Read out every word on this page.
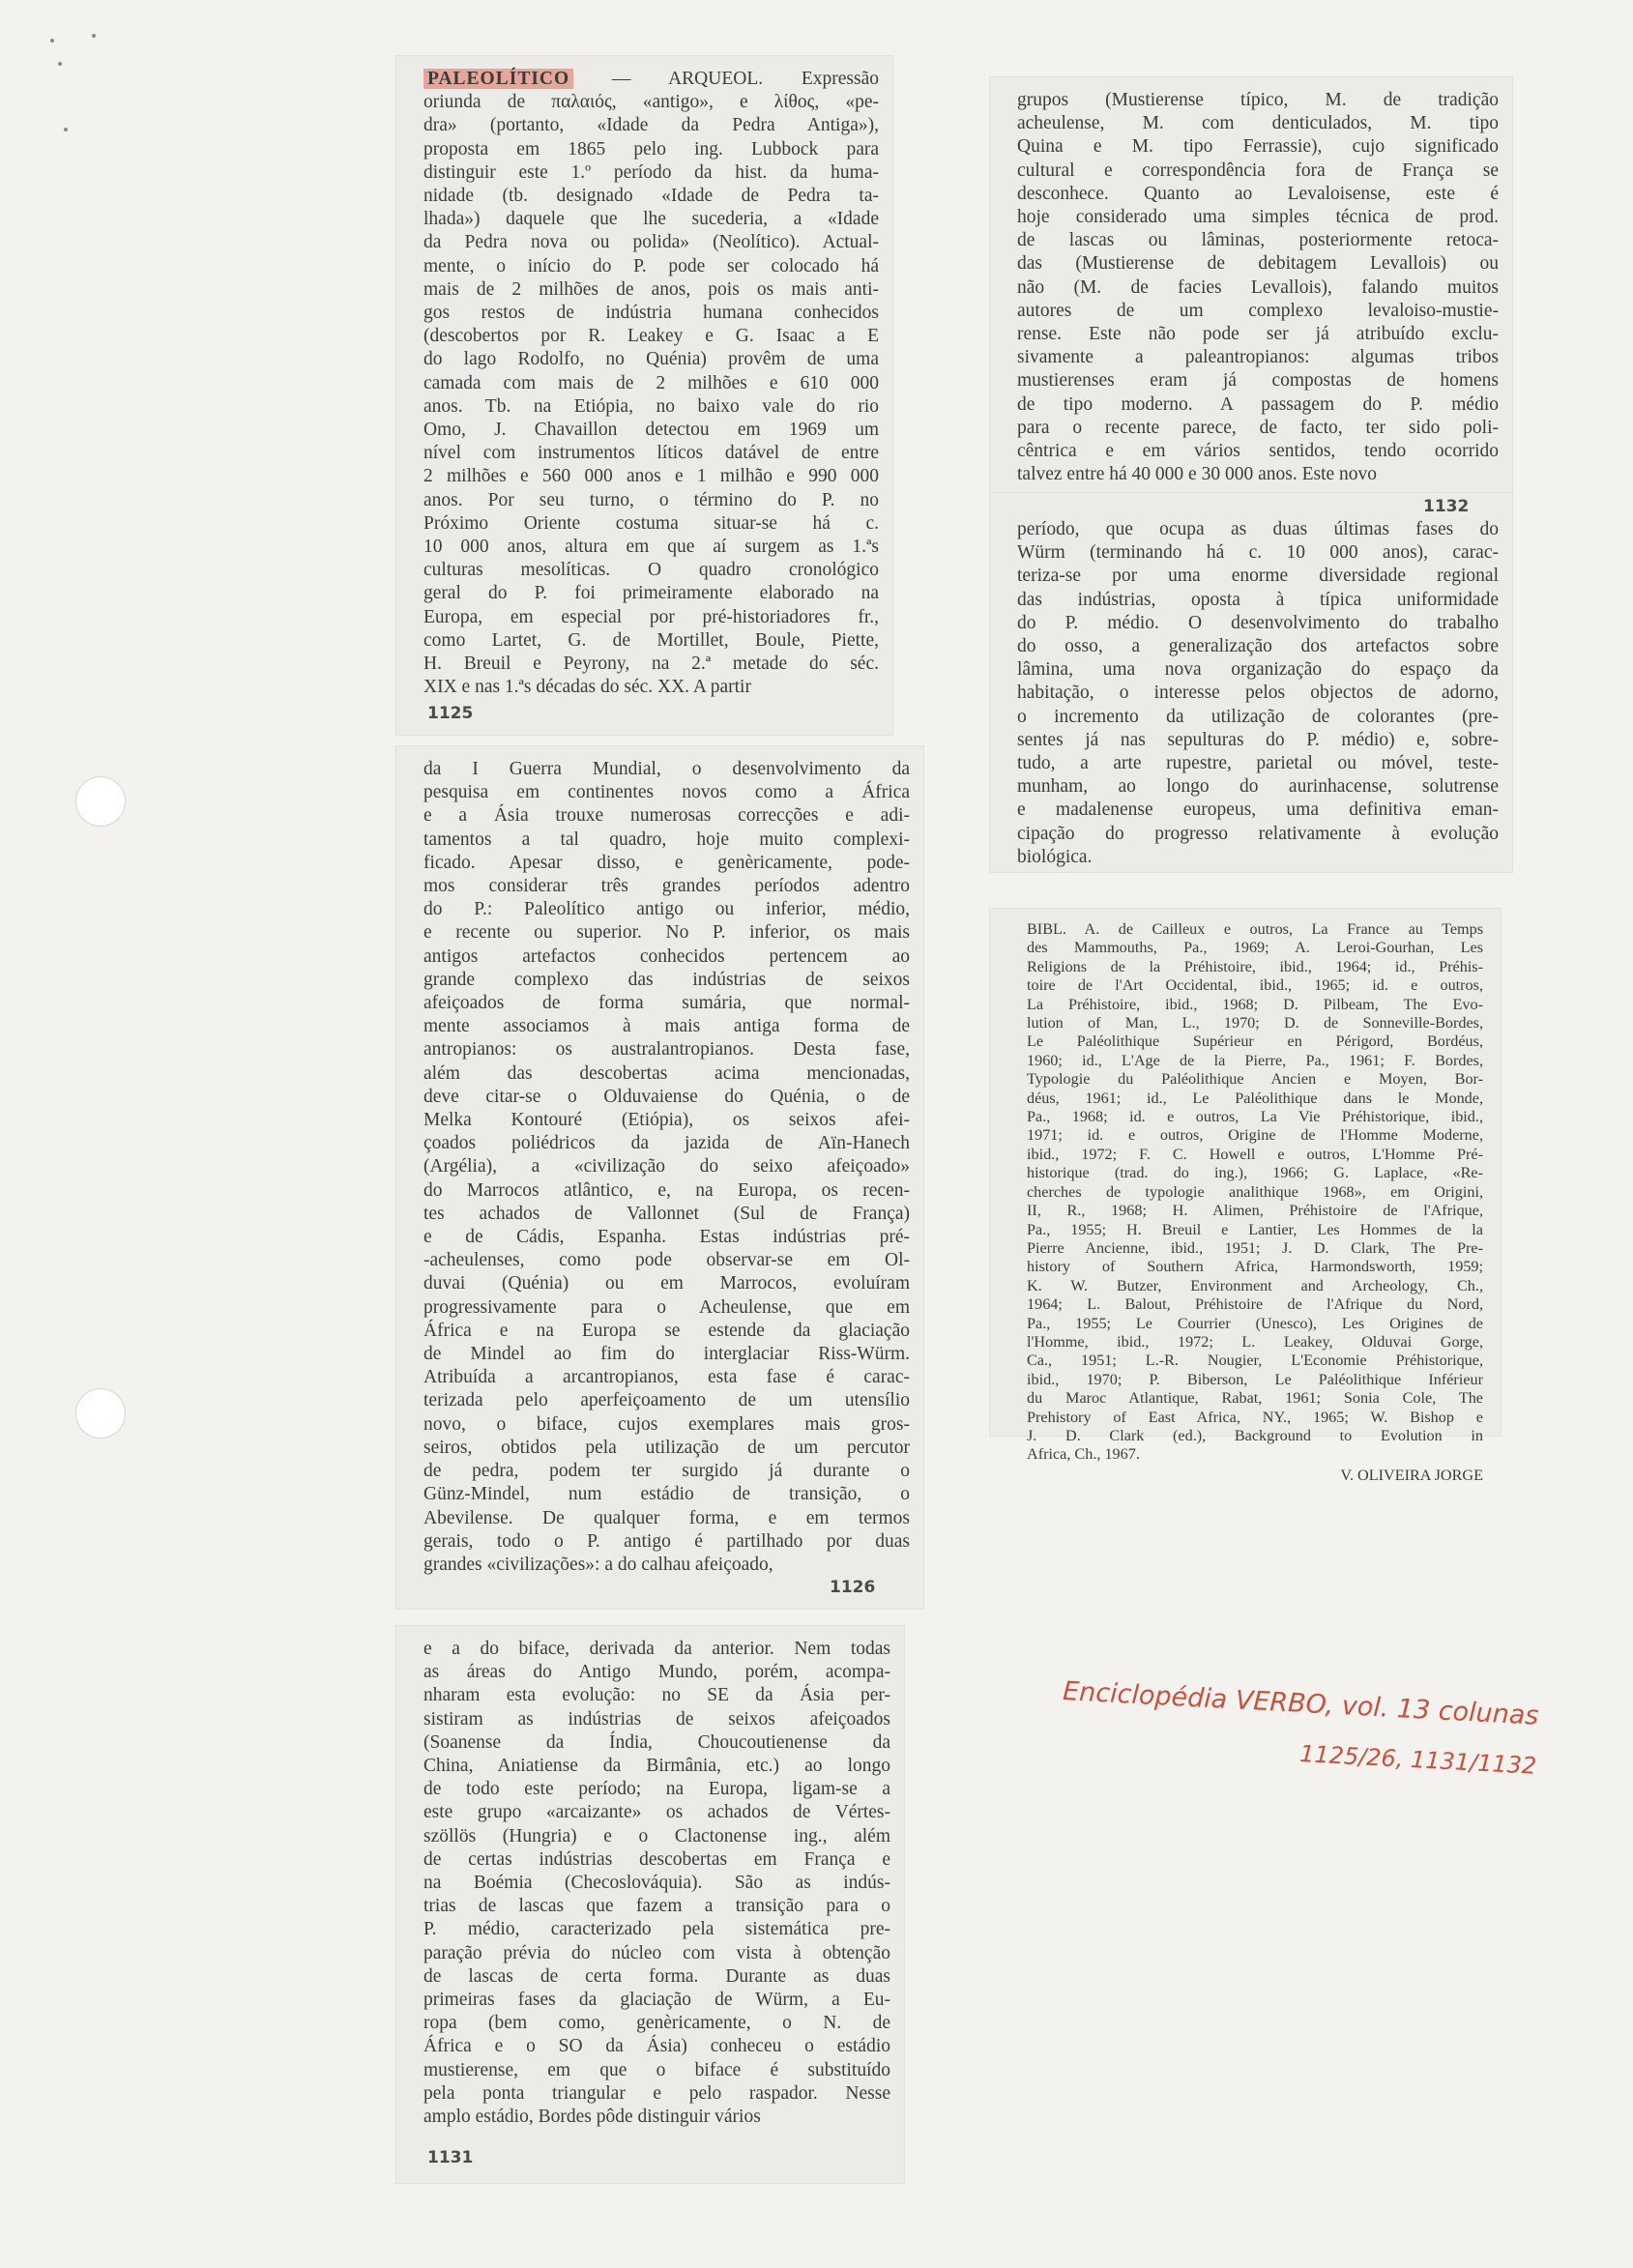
PALEOLÍTICO — ARQUEOL. Expressão

oriunda de παλαιός, «antigo», e λίθος, «pe-

dra» (portanto, «Idade da Pedra Antiga»),

proposta em 1865 pelo ing. Lubbock para

distinguir este 1.º período da hist. da huma-

nidade (tb. designado «Idade de Pedra ta-

lhada») daquele que lhe sucederia, a «Idade

da Pedra nova ou polida» (Neolítico). Actual-

mente, o início do P. pode ser colocado há

mais de 2 milhões de anos, pois os mais anti-

gos restos de indústria humana conhecidos

(descobertos por R. Leakey e G. Isaac a E

do lago Rodolfo, no Quénia) provêm de uma

camada com mais de 2 milhões e 610 000

anos. Tb. na Etiópia, no baixo vale do rio

Omo, J. Chavaillon detectou em 1969 um

nível com instrumentos líticos datável de entre

2 milhões e 560 000 anos e 1 milhão e 990 000

anos. Por seu turno, o término do P. no

Próximo Oriente costuma situar-se há c.

10 000 anos, altura em que aí surgem as 1.ªs

culturas mesolíticas. O quadro cronológico

geral do P. foi primeiramente elaborado na

Europa, em especial por pré-historiadores fr.,

como Lartet, G. de Mortillet, Boule, Piette,

H. Breuil e Peyrony, na 2.ª metade do séc.

XIX e nas 1.ªs décadas do séc. XX. A partir

1125

da I Guerra Mundial, o desenvolvimento da

pesquisa em continentes novos como a África

e a Ásia trouxe numerosas correcções e adi-

tamentos a tal quadro, hoje muito complexi-

ficado. Apesar disso, e genèricamente, pode-

mos considerar três grandes períodos adentro

do P.: Paleolítico antigo ou inferior, médio,

e recente ou superior. No P. inferior, os mais

antigos artefactos conhecidos pertencem ao

grande complexo das indústrias de seixos

afeiçoados de forma sumária, que normal-

mente associamos à mais antiga forma de

antropianos: os australantropianos. Desta fase,

além das descobertas acima mencionadas,

deve citar-se o Olduvaiense do Quénia, o de

Melka Kontouré (Etiópia), os seixos afei-

çoados poliédricos da jazida de Aïn-Hanech

(Argélia), a «civilização do seixo afeiçoado»

do Marrocos atlântico, e, na Europa, os recen-

tes achados de Vallonnet (Sul de França)

e de Cádis, Espanha. Estas indústrias pré-

-acheulenses, como pode observar-se em Ol-

duvai (Quénia) ou em Marrocos, evoluíram

progressivamente para o Acheulense, que em

África e na Europa se estende da glaciação

de Mindel ao fim do interglaciar Riss-Würm.

Atribuída a arcantropianos, esta fase é carac-

terizada pelo aperfeiçoamento de um utensílio

novo, o biface, cujos exemplares mais gros-

seiros, obtidos pela utilização de um percutor

de pedra, podem ter surgido já durante o

Günz-Mindel, num estádio de transição, o

Abevilense. De qualquer forma, e em termos

gerais, todo o P. antigo é partilhado por duas

grandes «civilizações»: a do calhau afeiçoado,

1126

e a do biface, derivada da anterior. Nem todas

as áreas do Antigo Mundo, porém, acompa-

nharam esta evolução: no SE da Ásia per-

sistiram as indústrias de seixos afeiçoados

(Soanense da Índia, Choucoutienense da

China, Aniatiense da Birmânia, etc.) ao longo

de todo este período; na Europa, ligam-se a

este grupo «arcaizante» os achados de Vértes-

szöllös (Hungria) e o Clactonense ing., além

de certas indústrias descobertas em França e

na Boémia (Checoslováquia). São as indús-

trias de lascas que fazem a transição para o

P. médio, caracterizado pela sistemática pre-

paração prévia do núcleo com vista à obtenção

de lascas de certa forma. Durante as duas

primeiras fases da glaciação de Würm, a Eu-

ropa (bem como, genèricamente, o N. de

África e o SO da Ásia) conheceu o estádio

mustierense, em que o biface é substituído

pela ponta triangular e pelo raspador. Nesse

amplo estádio, Bordes pôde distinguir vários

1131

grupos (Mustierense típico, M. de tradição

acheulense, M. com denticulados, M. tipo

Quina e M. tipo Ferrassie), cujo significado

cultural e correspondência fora de França se

desconhece. Quanto ao Levaloisense, este é

hoje considerado uma simples técnica de prod.

de lascas ou lâminas, posteriormente retoca-

das (Mustierense de debitagem Levallois) ou

não (M. de facies Levallois), falando muitos

autores de um complexo levaloiso-mustie-

rense. Este não pode ser já atribuído exclu-

sivamente a paleantropianos: algumas tribos

mustierenses eram já compostas de homens

de tipo moderno. A passagem do P. médio

para o recente parece, de facto, ter sido poli-

cêntrica e em vários sentidos, tendo ocorrido

talvez entre há 40 000 e 30 000 anos. Este novo

1132

período, que ocupa as duas últimas fases do

Würm (terminando há c. 10 000 anos), carac-

teriza-se por uma enorme diversidade regional

das indústrias, oposta à típica uniformidade

do P. médio. O desenvolvimento do trabalho

do osso, a generalização dos artefactos sobre

lâmina, uma nova organização do espaço da

habitação, o interesse pelos objectos de adorno,

o incremento da utilização de colorantes (pre-

sentes já nas sepulturas do P. médio) e, sobre-

tudo, a arte rupestre, parietal ou móvel, teste-

munham, ao longo do aurinhacense, solutrense

e madalenense europeus, uma definitiva eman-

cipação do progresso relativamente à evolução

biológica.

BIBL. A. de Cailleux e outros, La France au Temps

des Mammouths, Pa., 1969; A. Leroi-Gourhan, Les

Religions de la Préhistoire, ibid., 1964; id., Préhis-

toire de l'Art Occidental, ibid., 1965; id. e outros,

La Préhistoire, ibid., 1968; D. Pilbeam, The Evo-

lution of Man, L., 1970; D. de Sonneville-Bordes,

Le Paléolithique Supérieur en Périgord, Bordéus,

1960; id., L'Age de la Pierre, Pa., 1961; F. Bordes,

Typologie du Paléolithique Ancien e Moyen, Bor-

déus, 1961; id., Le Paléolithique dans le Monde,

Pa., 1968; id. e outros, La Vie Préhistorique, ibid.,

1971; id. e outros, Origine de l'Homme Moderne,

ibid., 1972; F. C. Howell e outros, L'Homme Pré-

historique (trad. do ing.), 1966; G. Laplace, «Re-

cherches de typologie analithique 1968», em Origini,

II, R., 1968; H. Alimen, Préhistoire de l'Afrique,

Pa., 1955; H. Breuil e Lantier, Les Hommes de la

Pierre Ancienne, ibid., 1951; J. D. Clark, The Pre-

history of Southern Africa, Harmondsworth, 1959;

K. W. Butzer, Environment and Archeology, Ch.,

1964; L. Balout, Préhistoire de l'Afrique du Nord,

Pa., 1955; Le Courrier (Unesco), Les Origines de

l'Homme, ibid., 1972; L. Leakey, Olduvai Gorge,

Ca., 1951; L.-R. Nougier, L'Economie Préhistorique,

ibid., 1970; P. Biberson, Le Paléolithique Inférieur

du Maroc Atlantique, Rabat, 1961; Sonia Cole, The

Prehistory of East Africa, NY., 1965; W. Bishop e

J. D. Clark (ed.), Background to Evolution in

Africa, Ch., 1967.

V. OLIVEIRA JORGE

Enciclopédia VERBO, vol. 13 colunas
1125/26, 1131/1132
